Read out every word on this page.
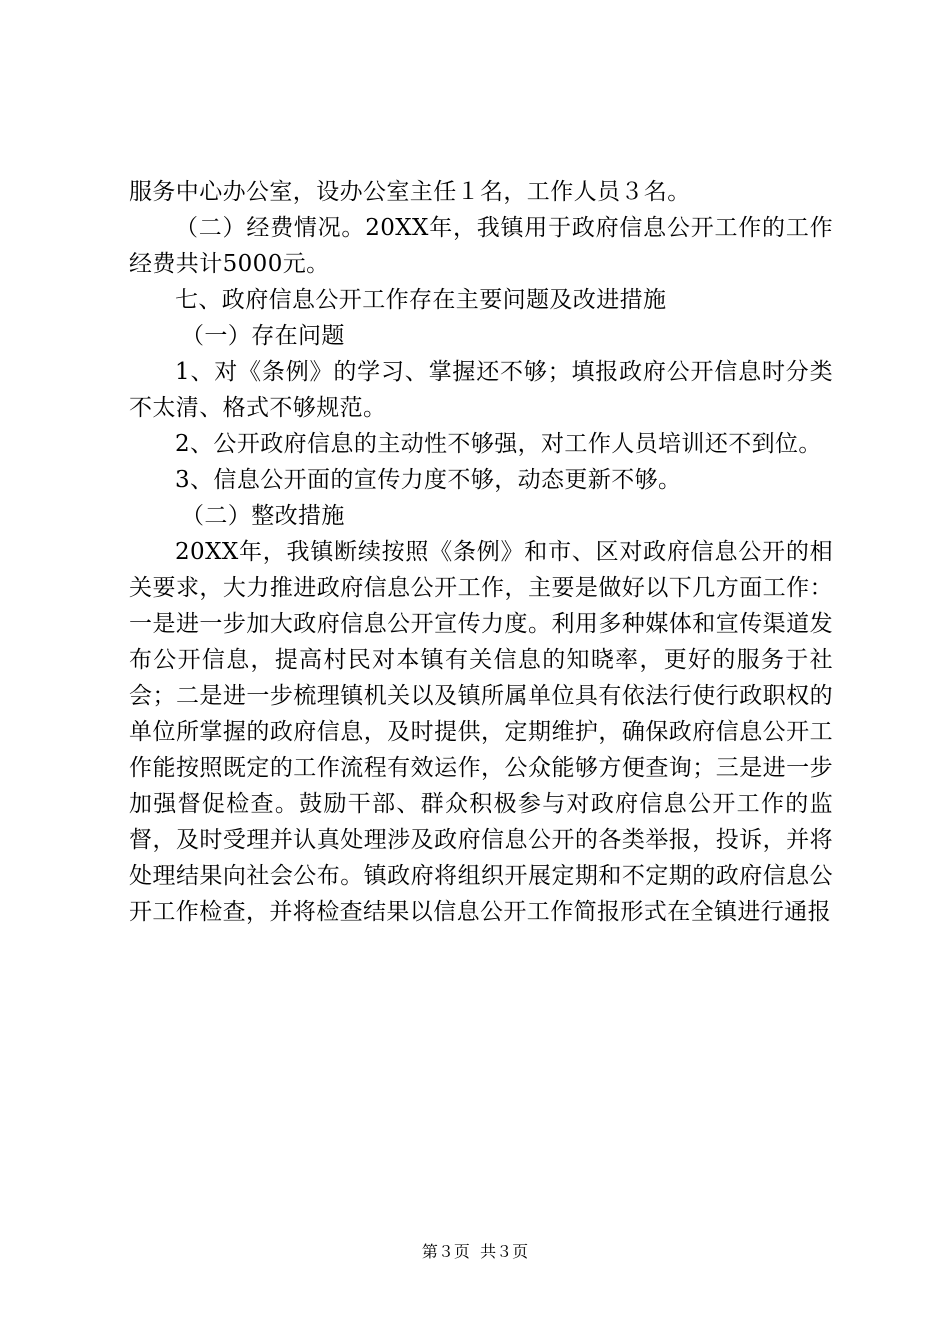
服务中心办公室，设办公室主任１名，工作人员３名。

（二）经费情况。20XX年，我镇用于政府信息公开工作的工作经费共计5000元。

七、政府信息公开工作存在主要问题及改进措施

（一）存在问题

1、对《条例》的学习、掌握还不够；填报政府公开信息时分类不太清、格式不够规范。

2、公开政府信息的主动性不够强，对工作人员培训还不到位。

3、信息公开面的宣传力度不够，动态更新不够。

（二）整改措施

20XX年，我镇断续按照《条例》和市、区对政府信息公开的相关要求，大力推进政府信息公开工作，主要是做好以下几方面工作：一是进一步加大政府信息公开宣传力度。利用多种媒体和宣传渠道发布公开信息，提高村民对本镇有关信息的知晓率，更好的服务于社会；二是进一步梳理镇机关以及镇所属单位具有依法行使行政职权的单位所掌握的政府信息，及时提供，定期维护，确保政府信息公开工作能按照既定的工作流程有效运作，公众能够方便查询；三是进一步加强督促检查。鼓励干部、群众积极参与对政府信息公开工作的监督，及时受理并认真处理涉及政府信息公开的各类举报，投诉，并将处理结果向社会公布。镇政府将组织开展定期和不定期的政府信息公开工作检查，并将检查结果以信息公开工作简报形式在全镇进行通报

第３页  共３页
